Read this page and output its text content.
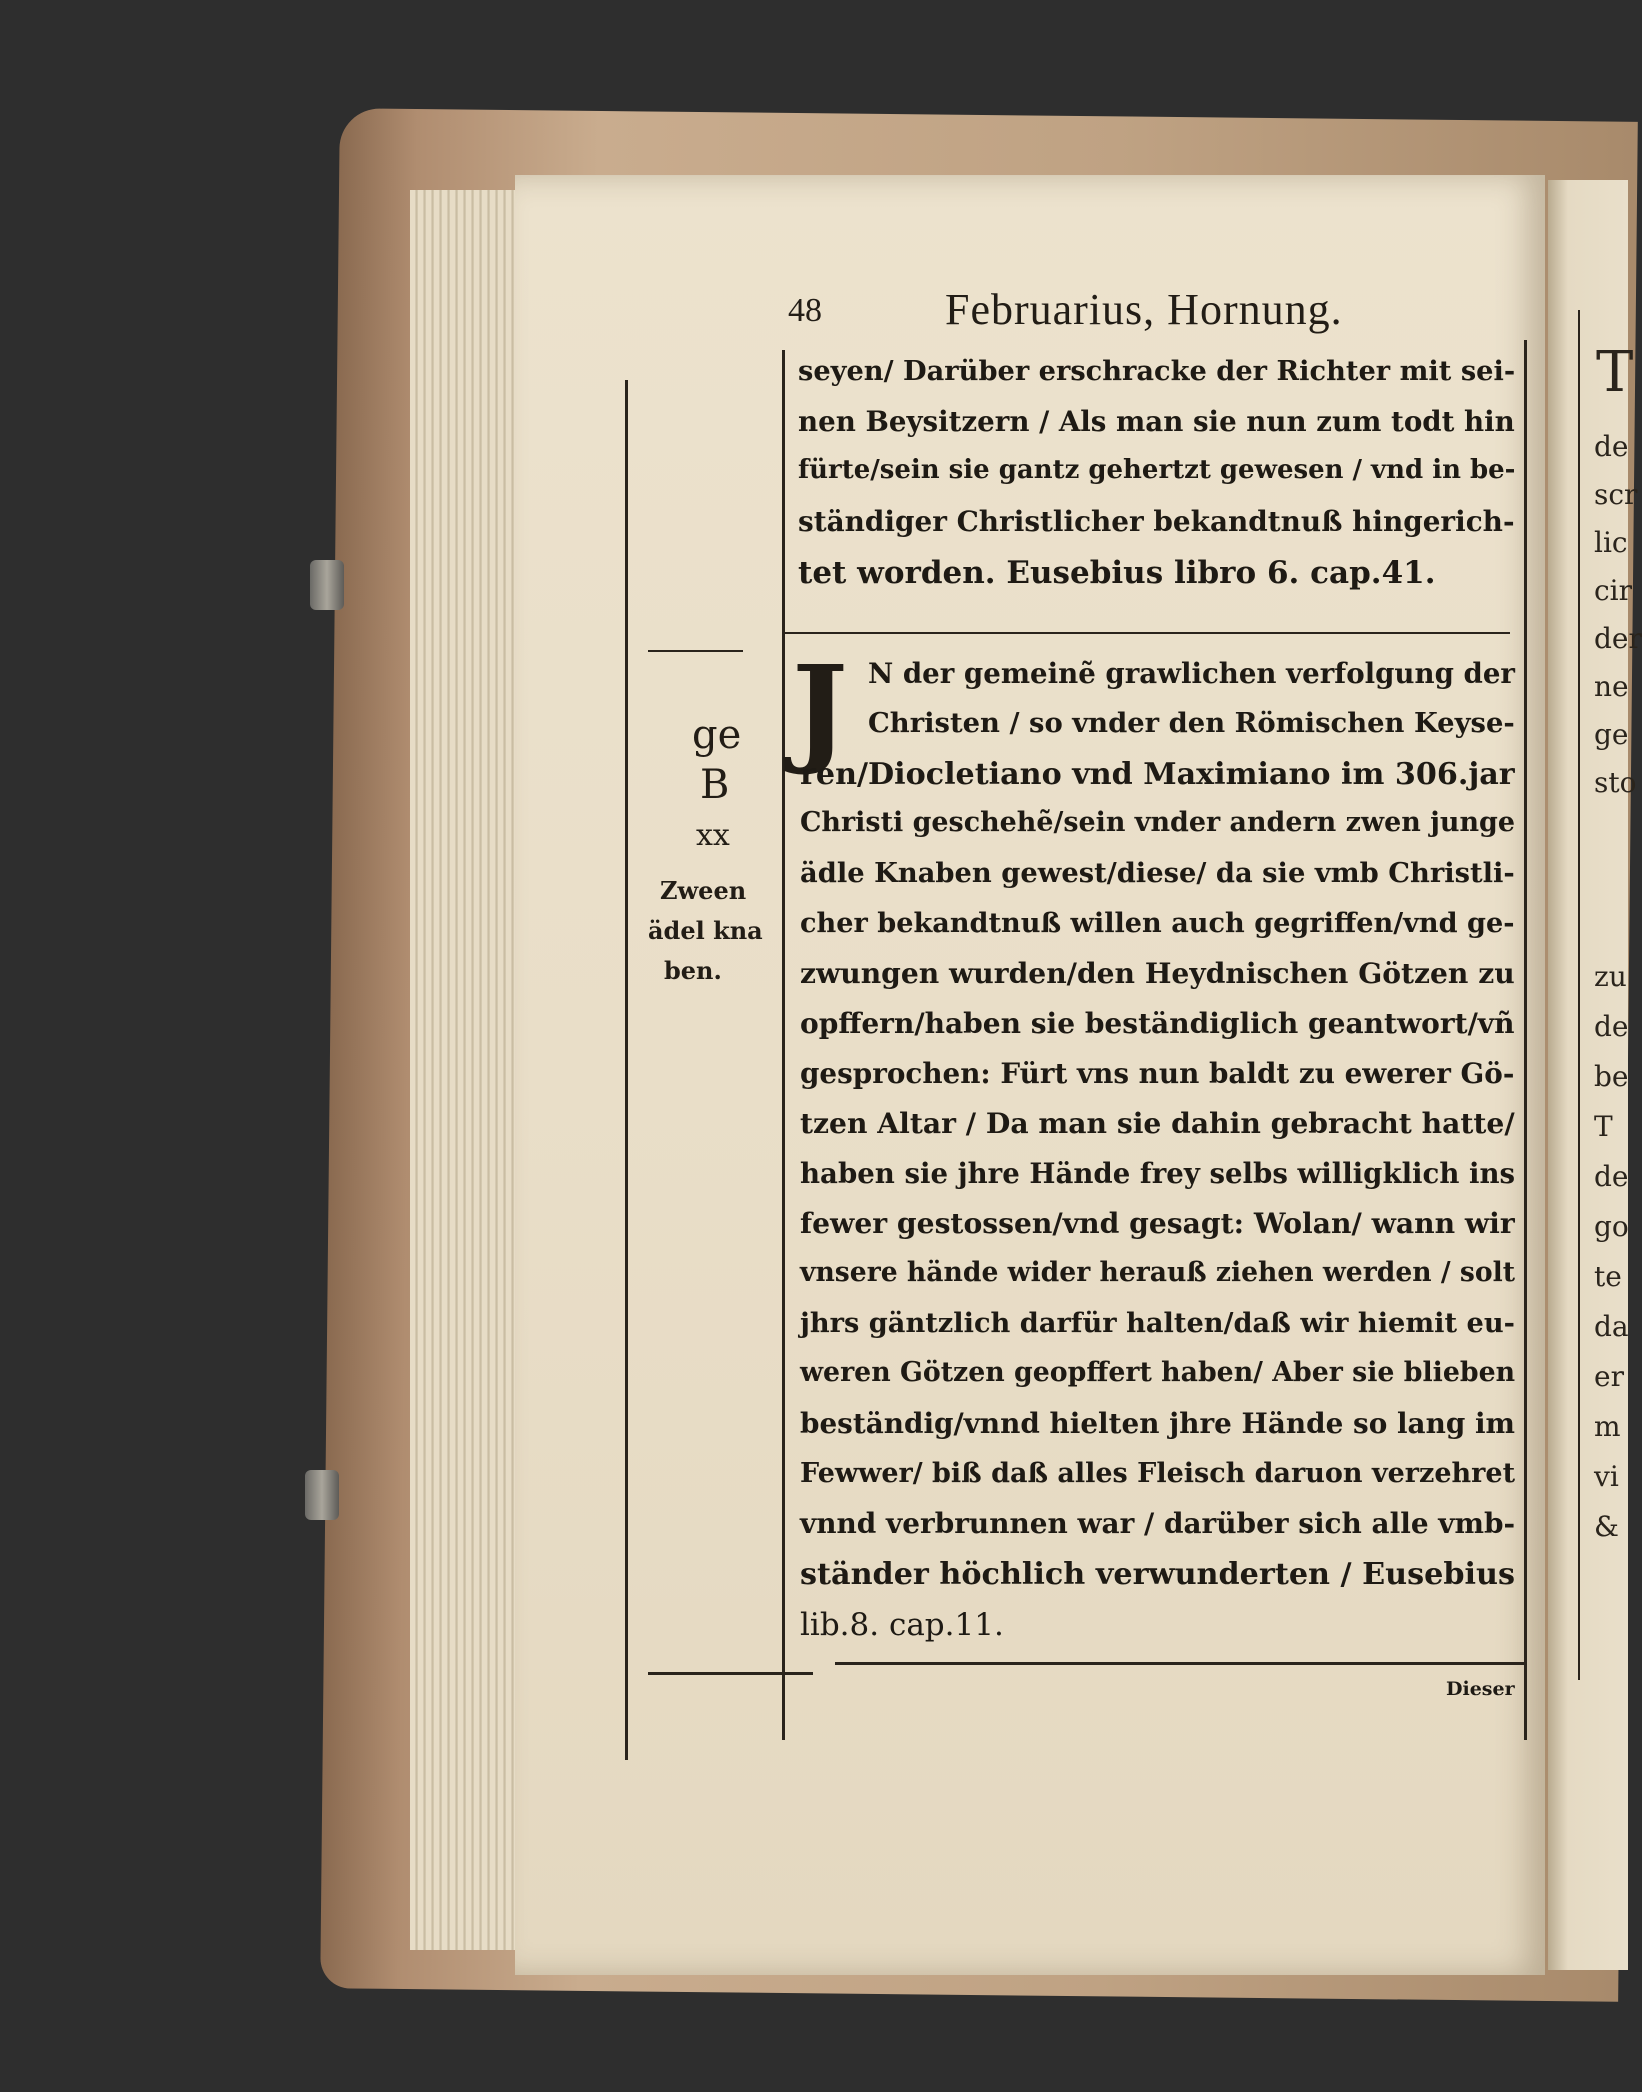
48	Februarius, Hornung.

seyen/ Darüber erschracke der Richter mit sei-

nen Beysitzern / Als man sie nun zum todt hin

fürte/sein sie gantz gehertzt gewesen / vnd in be-

ständiger Christlicher bekandtnuß hingerich-

tet worden. Eusebius libro 6. cap.41.

J N der gemeinẽ grawlichen verfolgung der

Christen / so vnder den Römischen Keyse-

ren/Diocletiano vnd Maximiano im 306.jar

Christi geschehẽ/sein vnder andern zwen junge

ädle Knaben gewest/diese/ da sie vmb Christli-

cher bekandtnuß willen auch gegriffen/vnd ge-

zwungen wurden/den Heydnischen Götzen zu

opffern/haben sie beständiglich geantwort/vñ

gesprochen: Fürt vns nun baldt zu ewerer Gö-

tzen Altar / Da man sie dahin gebracht hatte/

haben sie jhre Hände frey selbs willigklich ins

fewer gestossen/vnd gesagt: Wolan/ wann wir

vnsere hände wider herauß ziehen werden / solt

jhrs gäntzlich darfür halten/daß wir hiemit eu-

weren Götzen geopffert haben/ Aber sie blieben

beständig/vnnd hielten jhre Hände so lang im

Fewwer/ biß daß alles Fleisch daruon verzehret

vnnd verbrunnen war / darüber sich alle vmb-

ständer höchlich verwunderten / Eusebius

lib.8. cap.11.

ge
B
xx
Zween
ädel kna
ben.
Dieser
T
de
scr
lic
cir
der
ne
ge
sto
zu
de
be
T
de
go
te
da
er
m
vi
&
